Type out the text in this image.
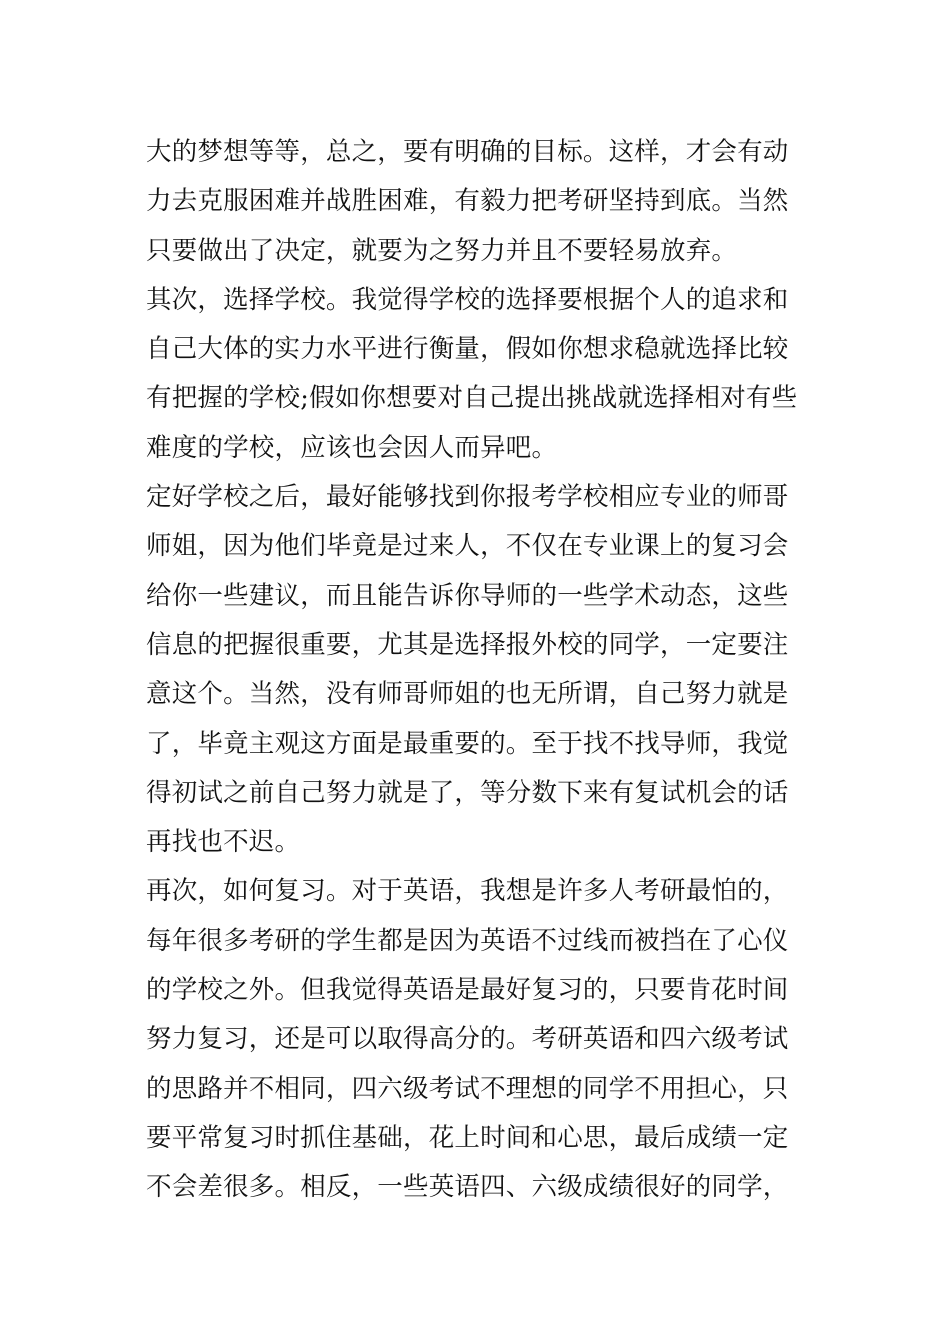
大的梦想等等，总之，要有明确的目标。这样，才会有动
力去克服困难并战胜困难，有毅力把考研坚持到底。当然
只要做出了决定，就要为之努力并且不要轻易放弃。
其次，选择学校。我觉得学校的选择要根据个人的追求和
自己大体的实力水平进行衡量，假如你想求稳就选择比较
有把握的学校;假如你想要对自己提出挑战就选择相对有些
难度的学校，应该也会因人而异吧。
定好学校之后，最好能够找到你报考学校相应专业的师哥
师姐，因为他们毕竟是过来人，不仅在专业课上的复习会
给你一些建议，而且能告诉你导师的一些学术动态，这些
信息的把握很重要，尤其是选择报外校的同学，一定要注
意这个。当然，没有师哥师姐的也无所谓，自己努力就是
了，毕竟主观这方面是最重要的。至于找不找导师，我觉
得初试之前自己努力就是了，等分数下来有复试机会的话
再找也不迟。
再次，如何复习。对于英语，我想是许多人考研最怕的，
每年很多考研的学生都是因为英语不过线而被挡在了心仪
的学校之外。但我觉得英语是最好复习的，只要肯花时间
努力复习，还是可以取得高分的。考研英语和四六级考试
的思路并不相同，四六级考试不理想的同学不用担心，只
要平常复习时抓住基础，花上时间和心思，最后成绩一定
不会差很多。相反，一些英语四、六级成绩很好的同学，
